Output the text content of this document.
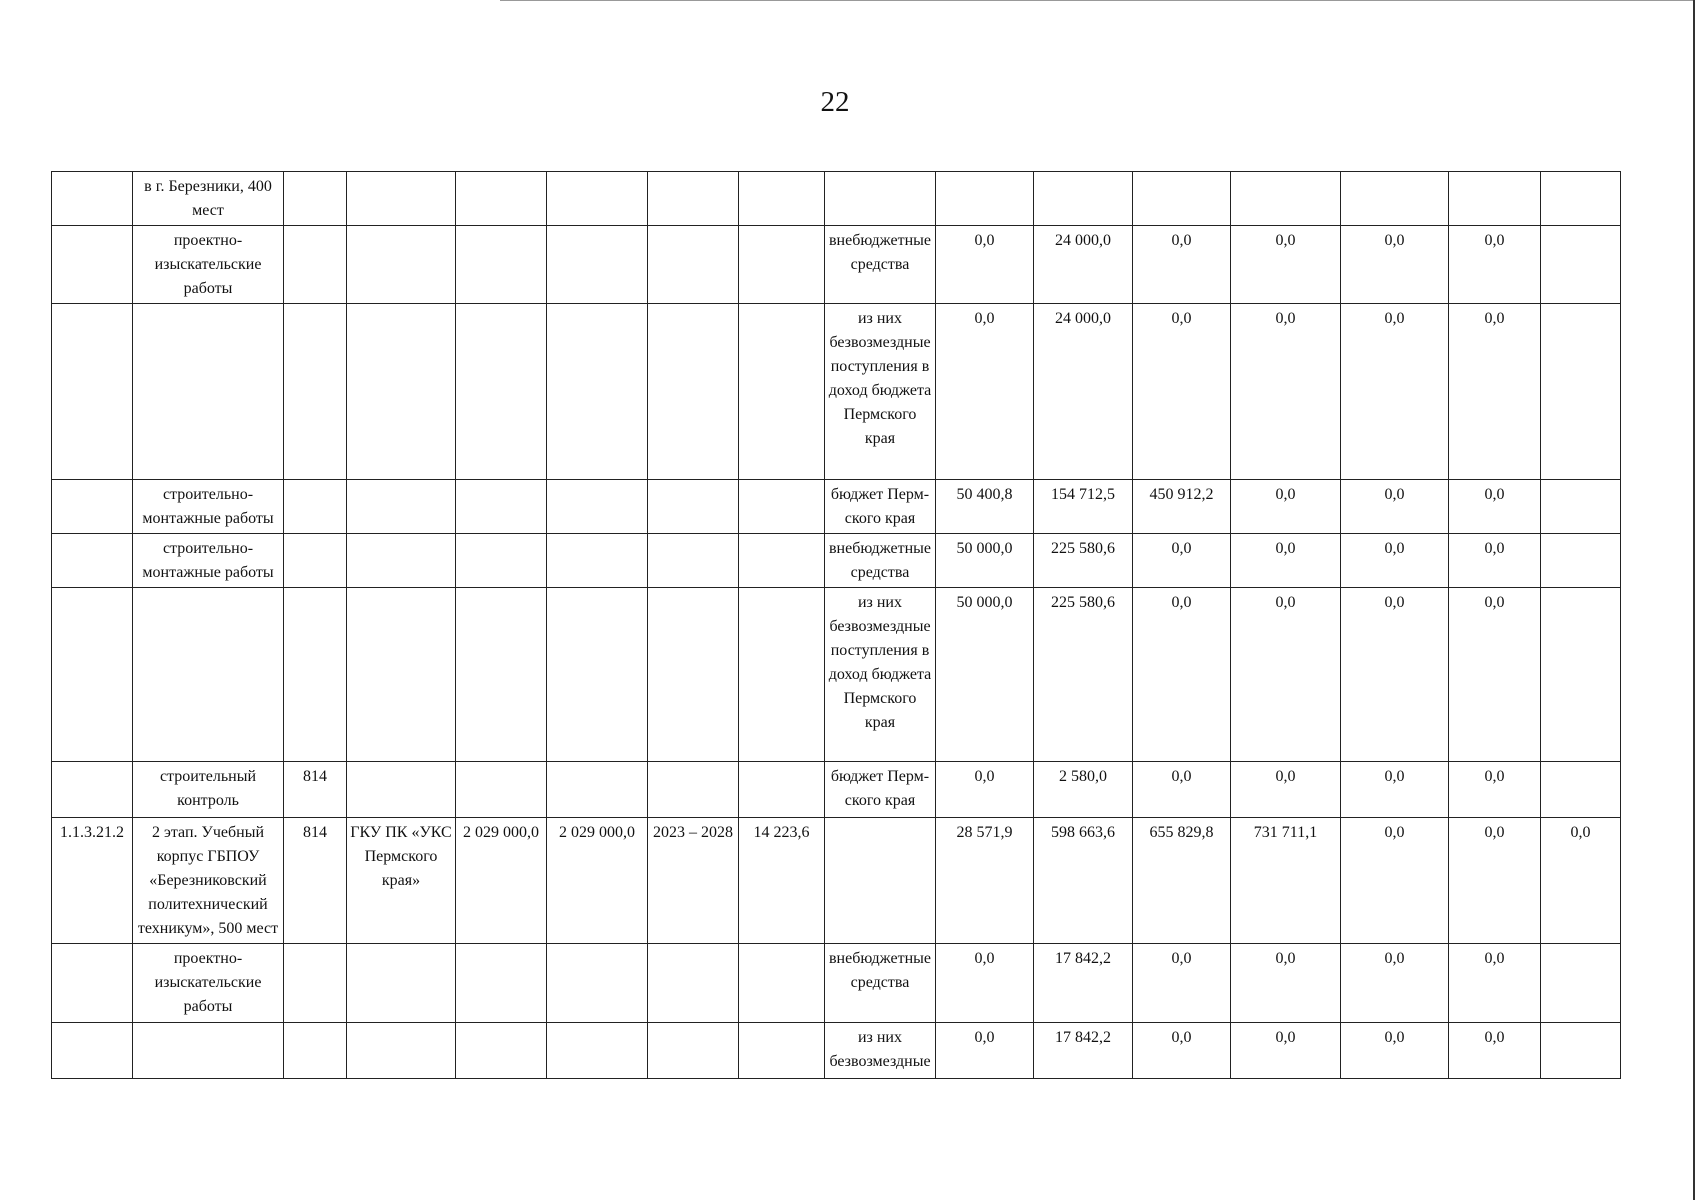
22
	в г. Березники, 400 мест														
	проектно-изыскательские работы							внебюджетные средства	0,0	24 000,0	0,0	0,0	0,0	0,0	
								из них безвозмездные поступления в доход бюджета Пермского края	0,0	24 000,0	0,0	0,0	0,0	0,0	
	строительно-монтажные работы							бюджет Перм-ского края	50 400,8	154 712,5	450 912,2	0,0	0,0	0,0	
	строительно-монтажные работы							внебюджетные средства	50 000,0	225 580,6	0,0	0,0	0,0	0,0	
								из них безвозмездные поступления в доход бюджета Пермского края	50 000,0	225 580,6	0,0	0,0	0,0	0,0	
	строительный контроль	814						бюджет Перм-ского края	0,0	2 580,0	0,0	0,0	0,0	0,0	
1.1.3.21.2	2 этап. Учебный корпус ГБПОУ «Березниковский политехнический техникум», 500 мест	814	ГКУ ПК «УКС Пермского края»	2 029 000,0	2 029 000,0	2023 – 2028	14 223,6		28 571,9	598 663,6	655 829,8	731 711,1	0,0	0,0	0,0
	проектно-изыскательские работы							внебюджетные средства	0,0	17 842,2	0,0	0,0	0,0	0,0	
								из них безвозмездные	0,0	17 842,2	0,0	0,0	0,0	0,0	
